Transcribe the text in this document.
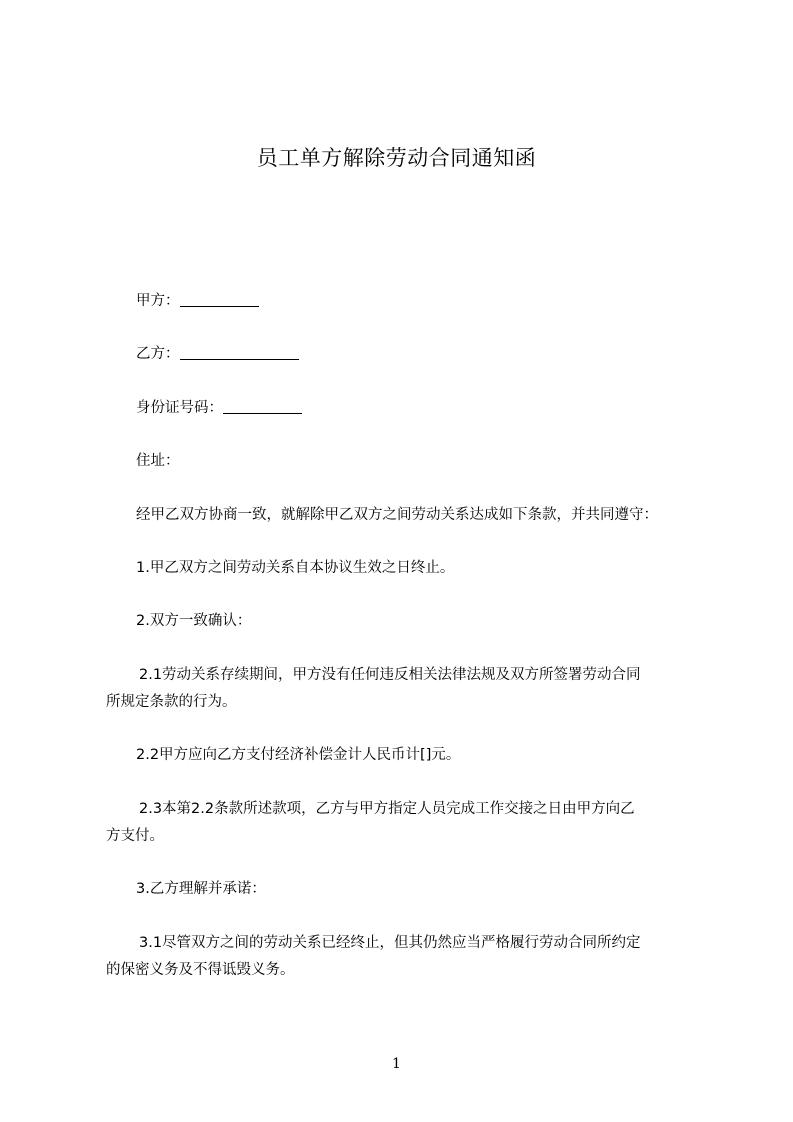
员工单方解除劳动合同通知函

甲方：

乙方：

身份证号码：

住址：

经甲乙双方协商一致，就解除甲乙双方之间劳动关系达成如下条款，并共同遵守：

1.甲乙双方之间劳动关系自本协议生效之日终止。

2.双方一致确认：

2.1劳动关系存续期间，甲方没有任何违反相关法律法规及双方所签署劳动合同

所规定条款的行为。

2.2甲方应向乙方支付经济补偿金计人民币计[]元。

2.3本第2.2条款所述款项，乙方与甲方指定人员完成工作交接之日由甲方向乙

方支付。

3.乙方理解并承诺：

3.1尽管双方之间的劳动关系已经终止，但其仍然应当严格履行劳动合同所约定

的保密义务及不得诋毁义务。

1
